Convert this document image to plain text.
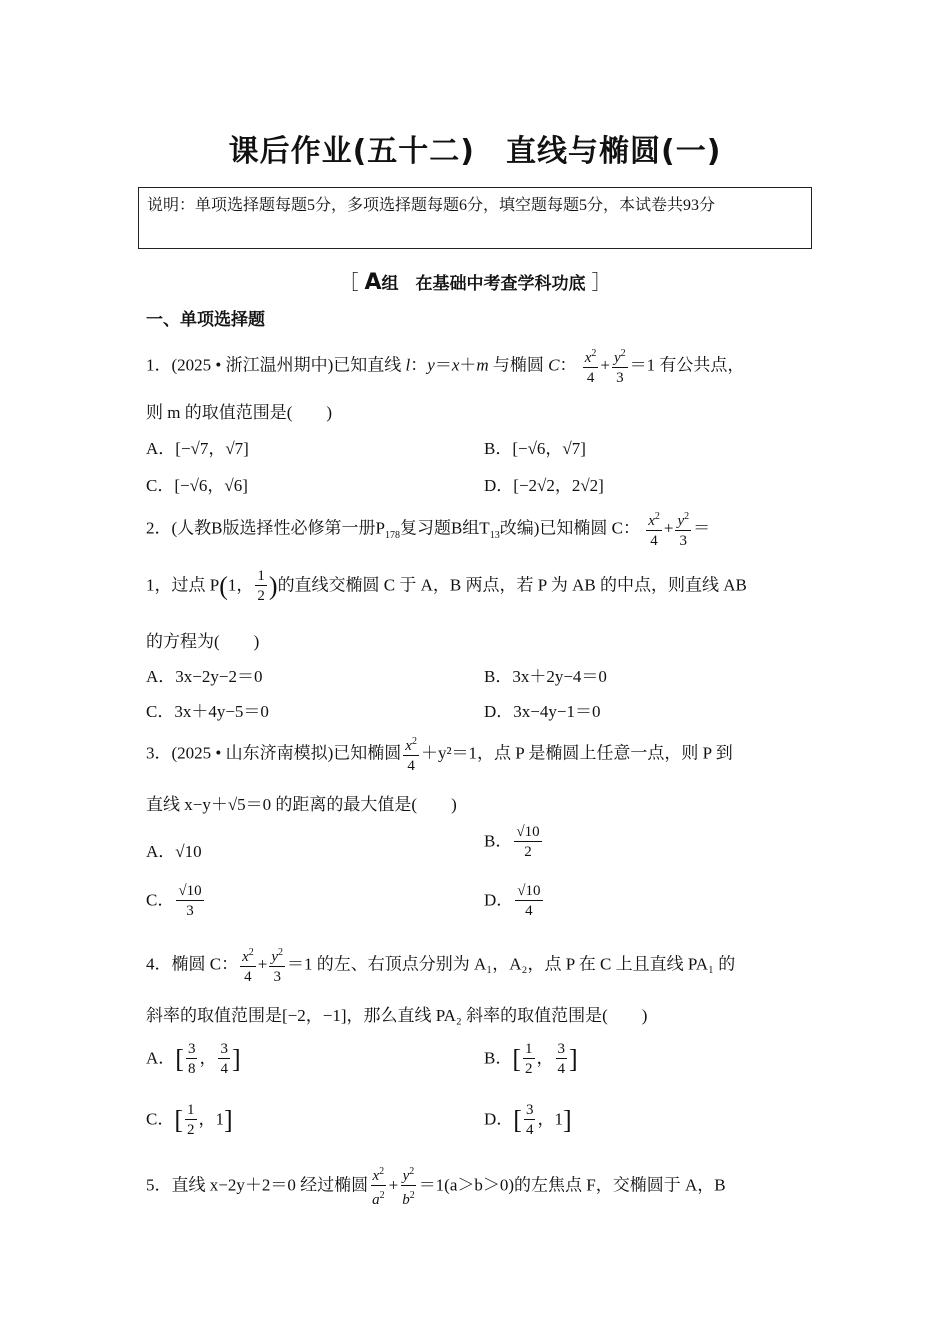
课后作业(五十二)　直线与椭圆(一)
说明：单项选择题每题5分，多项选择题每题6分，填空题每题5分，本试卷共93分
［ A组　在基础中考查学科功底 ］
一、单项选择题
1．(2025 • 浙江温州期中)已知直线 l：y＝x＋m 与椭圆 C： $\frac{x^2}{4} + \frac{y^2}{3} =1$ 有公共点，
则 m 的取值范围是(　　)
A．[−√7，√7]	B．[−√6，√7]
C．[−√6，√6]	D．[−2√2，2√2]
2．(人教B版选择性必修第一册$P_{178}$复习题B组$T_{13}$改编)已知椭圆 C： $\frac{x^2}{4} + \frac{y^2}{3}$ ＝
1，过点 P(1， $\frac{1}{2}$ )的直线交椭圆 C 于 A，B 两点，若 P 为 AB 的中点，则直线 AB
的方程为(　　)
A．3x−2y−2＝0	B．3x＋2y−4＝0
C．3x＋4y−5＝0	D．3x−4y−1＝0
3．(2025 • 山东济南模拟)已知椭圆 $\frac{x^2}{4} +y^2=1$，点 P 是椭圆上任意一点，则 P 到
直线 x−y＋√5＝0 的距离的最大值是(　　)
A．√10
B． $\frac{√10}{2}$
C． $\frac{√10}{3}$	D． $\frac{√10}{4}$
4．椭圆 C： $\frac{x^2}{4} + \frac{y^2}{3} =1$ 的左、右顶点分别为 A₁，A₂，点 P 在 C 上且直线 PA₁ 的
斜率的取值范围是[−2，−1]，那么直线 PA₂ 斜率的取值范围是(　　)
A．[ $\frac{3}{8}$ ， $\frac{3}{4}$ ]	B．[ $\frac{1}{2}$ ， $\frac{3}{4}$ ]
C．[ $\frac{1}{2}$ ，1]	D．[ $\frac{3}{4}$ ，1]
5．直线 x−2y＋2＝0 经过椭圆 $\frac{x^2}{a^2} + \frac{y^2}{b^2} =1(a>b>0)$的左焦点 F，交椭圆于 A，B
